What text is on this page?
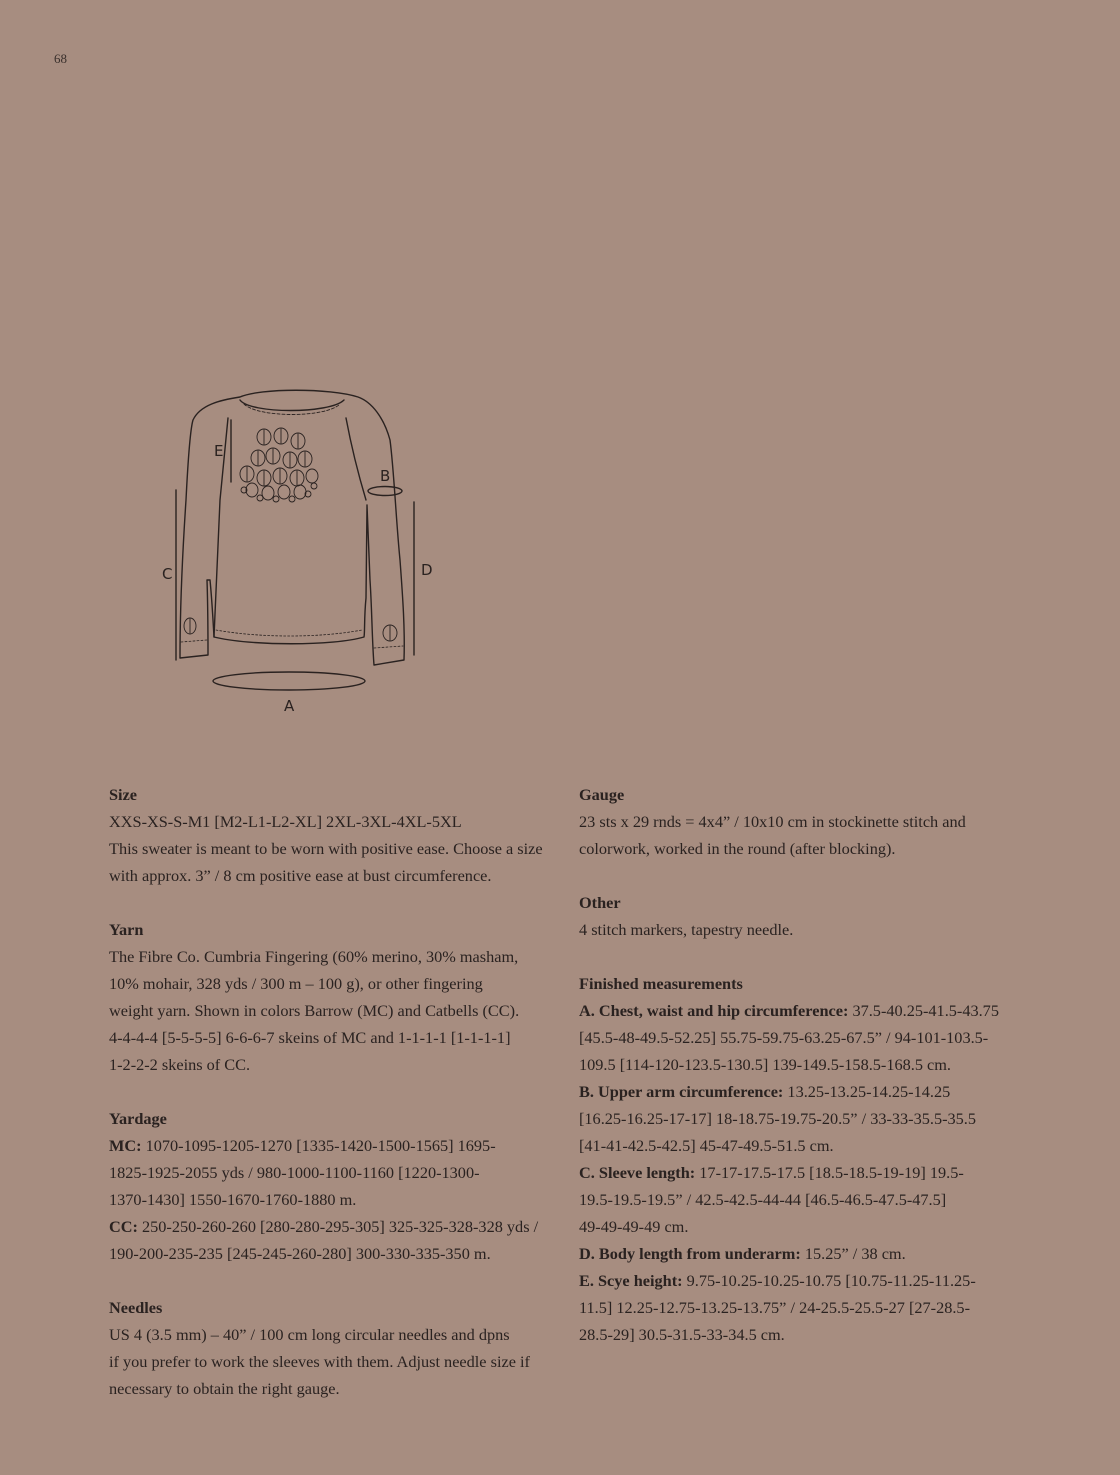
68
E
B
C	D
A

Size

XXS-XS-S-M1 [M2-L1-L2-XL] 2XL-3XL-4XL-5XL

This sweater is meant to be worn with positive ease. Choose a size

with approx. 3” / 8 cm positive ease at bust circumference.

Yarn

The Fibre Co. Cumbria Fingering (60% merino, 30% masham,

10% mohair, 328 yds / 300 m – 100 g), or other fingering

weight yarn. Shown in colors Barrow (MC) and Catbells (CC).

4-4-4-4 [5-5-5-5] 6-6-6-7 skeins of MC and 1-1-1-1 [1-1-1-1]

1-2-2-2 skeins of CC.

Yardage

MC: 1070-1095-1205-1270 [1335-1420-1500-1565] 1695-

1825-1925-2055 yds / 980-1000-1100-1160 [1220-1300-

1370-1430] 1550-1670-1760-1880 m.

CC: 250-250-260-260 [280-280-295-305] 325-325-328-328 yds /

190-200-235-235 [245-245-260-280] 300-330-335-350 m.

Needles

US 4 (3.5 mm) – 40” / 100 cm long circular needles and dpns

if you prefer to work the sleeves with them. Adjust needle size if

necessary to obtain the right gauge.

Gauge

23 sts x 29 rnds = 4x4” / 10x10 cm in stockinette stitch and

colorwork, worked in the round (after blocking).

Other

4 stitch markers, tapestry needle.

Finished measurements

A. Chest, waist and hip circumference: 37.5-40.25-41.5-43.75

[45.5-48-49.5-52.25] 55.75-59.75-63.25-67.5” / 94-101-103.5-

109.5 [114-120-123.5-130.5] 139-149.5-158.5-168.5 cm.

B. Upper arm circumference: 13.25-13.25-14.25-14.25

[16.25-16.25-17-17] 18-18.75-19.75-20.5” / 33-33-35.5-35.5

[41-41-42.5-42.5] 45-47-49.5-51.5 cm.

C. Sleeve length: 17-17-17.5-17.5 [18.5-18.5-19-19] 19.5-

19.5-19.5-19.5” / 42.5-42.5-44-44 [46.5-46.5-47.5-47.5]

49-49-49-49 cm.

D. Body length from underarm: 15.25” / 38 cm.

E. Scye height: 9.75-10.25-10.25-10.75 [10.75-11.25-11.25-

11.5] 12.25-12.75-13.25-13.75” / 24-25.5-25.5-27 [27-28.5-

28.5-29] 30.5-31.5-33-34.5 cm.
